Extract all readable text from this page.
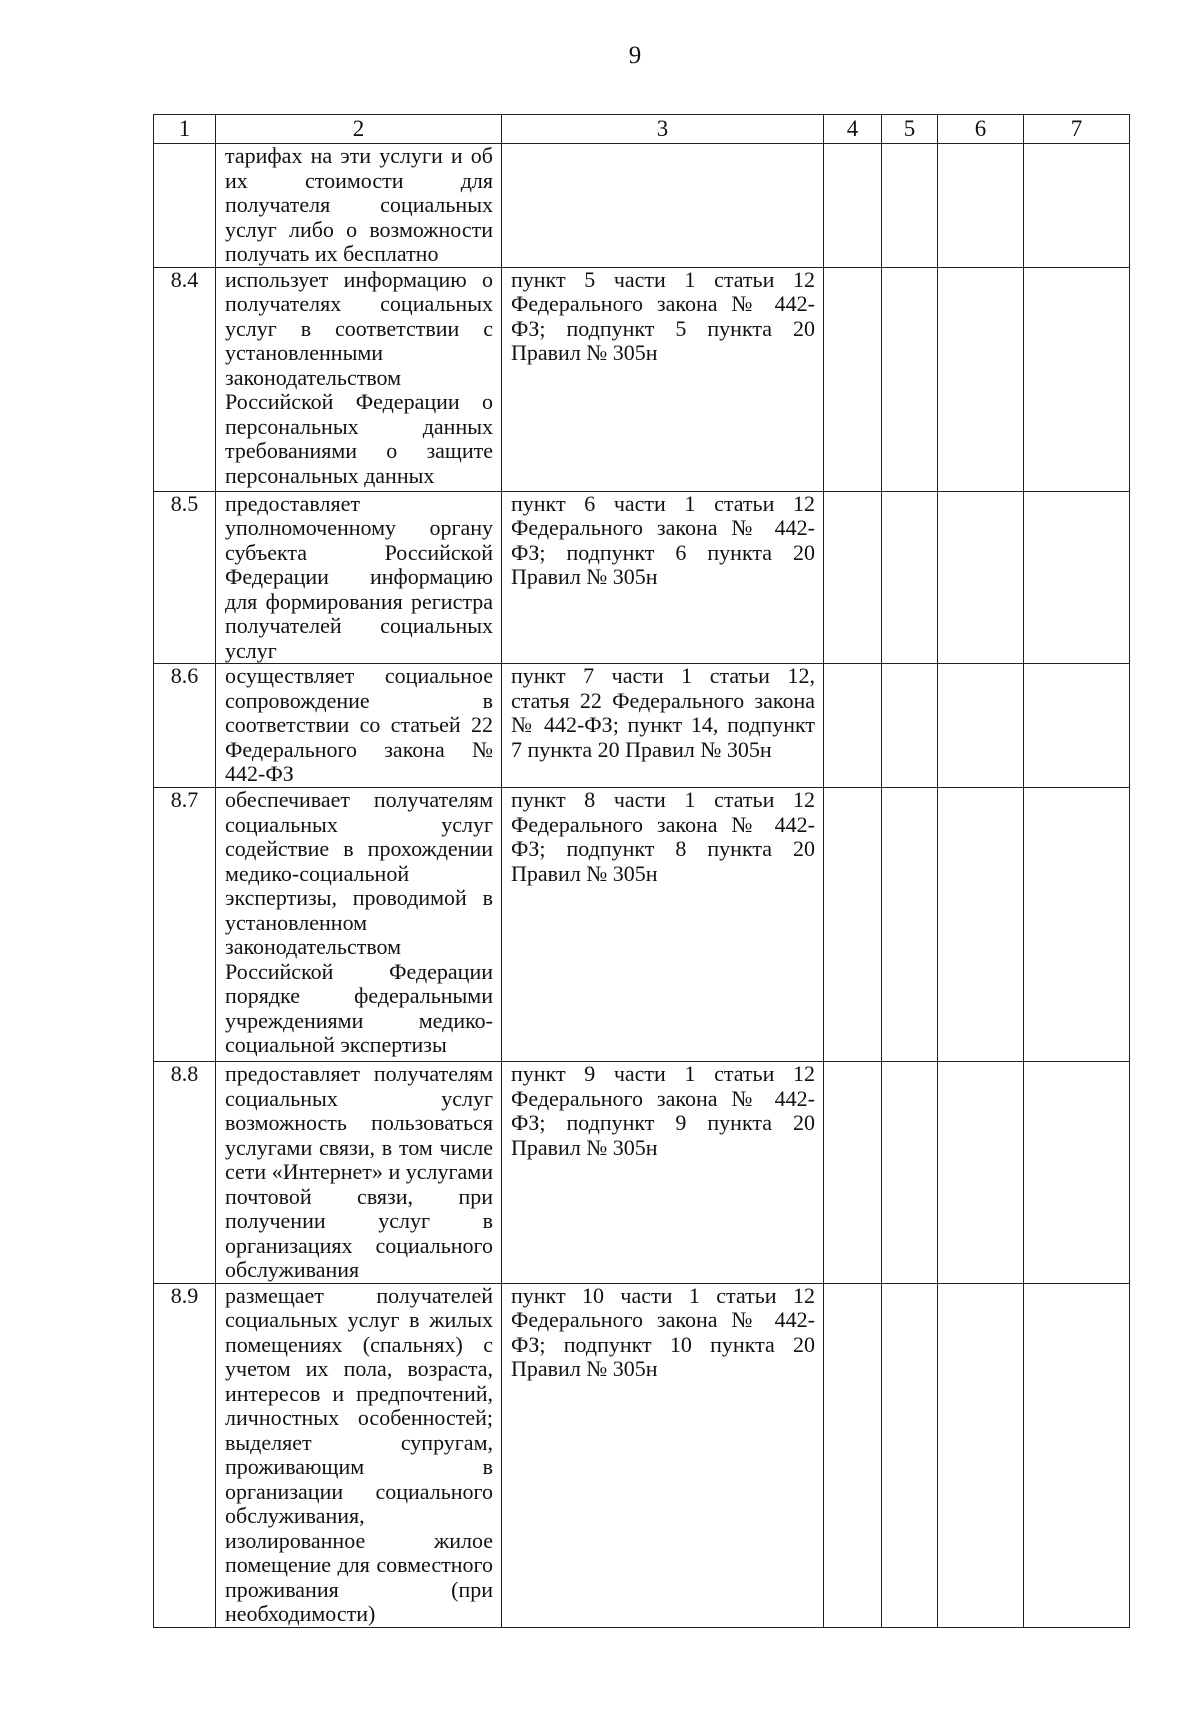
9
1	2	3	4	5	6	7
	тарифах на эти услуги и об их стоимости для получателя социальных услуг либо о возможности получать их бесплатно					
8.4	использует информацию о получателях социальных услуг в соответствии с установленными законодательством Российской Федерации о персональных данных требованиями о защите персональных данных	пункт 5 части 1 статьи 12 Федерального закона № 442-ФЗ; подпункт 5 пункта 20 Правил № 305н				
8.5	предоставляет уполномоченному органу субъекта Российской Федерации информацию для формирования регистра получателей социальных услуг	пункт 6 части 1 статьи 12 Федерального закона № 442-ФЗ; подпункт 6 пункта 20 Правил № 305н				
8.6	осуществляет социальное сопровождение в соответствии со статьей 22 Федерального закона № 442-ФЗ	пункт 7 части 1 статьи 12, статья 22 Федерального закона № 442-ФЗ; пункт 14, подпункт 7 пункта 20 Правил № 305н				
8.7	обеспечивает получателям социальных услуг содействие в прохождении медико-социальной экспертизы, проводимой в установленном законодательством Российской Федерации порядке федеральными учреждениями медико-социальной экспертизы	пункт 8 части 1 статьи 12 Федерального закона № 442-ФЗ; подпункт 8 пункта 20 Правил № 305н				
8.8	предоставляет получателям социальных услуг возможность пользоваться услугами связи, в том числе сети «Интернет» и услугами почтовой связи, при получении услуг в организациях социального обслуживания	пункт 9 части 1 статьи 12 Федерального закона № 442-ФЗ; подпункт 9 пункта 20 Правил № 305н				
8.9	размещает получателей социальных услуг в жилых помещениях (спальнях) с учетом их пола, возраста, интересов и предпочтений, личностных особенностей; выделяет супругам, проживающим в организации социального обслуживания, изолированное жилое помещение для совместного проживания (при необходимости)	пункт 10 части 1 статьи 12 Федерального закона № 442-ФЗ; подпункт 10 пункта 20 Правил № 305н				
